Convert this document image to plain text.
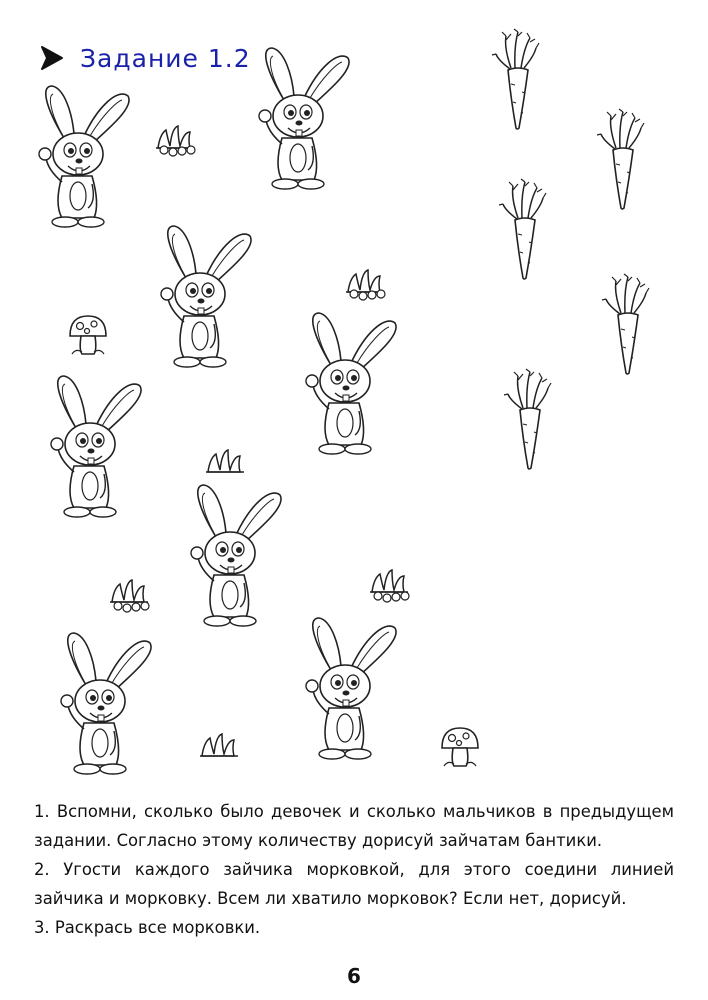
Задание 1.2

1. Вспомни, сколько было девочек и сколько мальчиков в предыдущем задании. Согласно этому количеству дорисуй зайчатам бантики.

2. Угости каждого зайчика морковкой, для этого соедини линией зайчика и морковку. Всем ли хватило морковок? Если нет, дорисуй.

3. Раскрась все морковки.

6
